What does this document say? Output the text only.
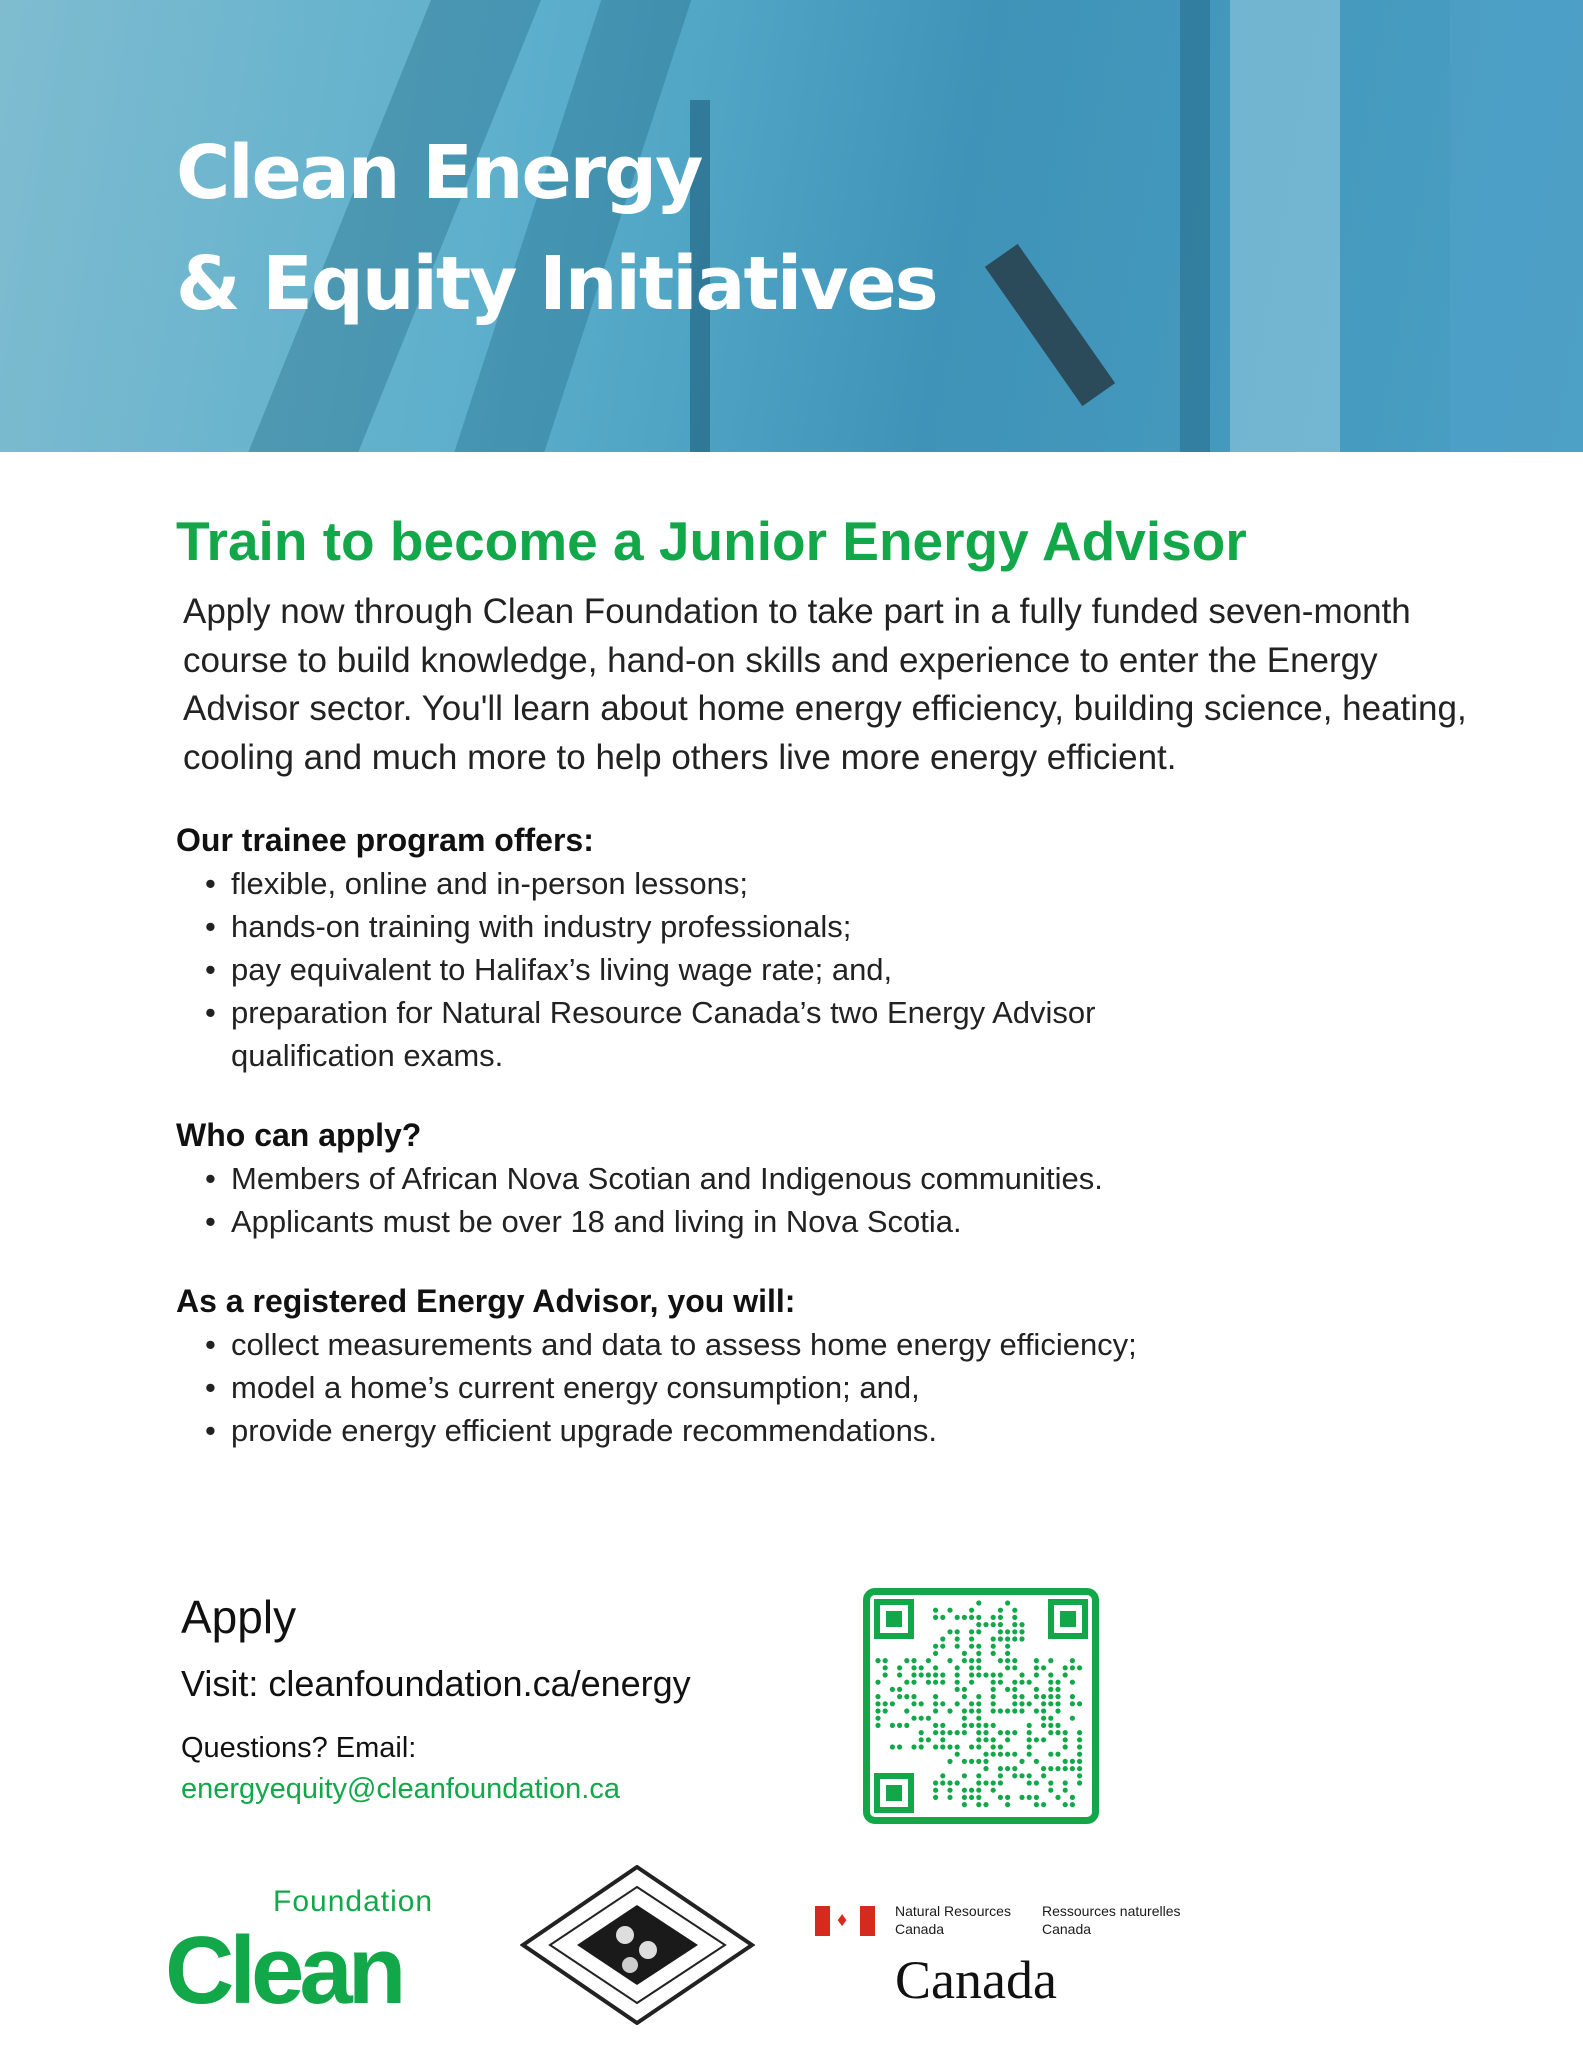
Clean Energy
& Equity Initiatives
Train to become a Junior Energy Advisor
Apply now through Clean Foundation to take part in a fully funded seven-month course to build knowledge, hand-on skills and experience to enter the Energy Advisor sector. You'll learn about home energy efficiency, building science, heating, cooling and much more to help others live more energy efficient.
Our trainee program offers:
• flexible, online and in-person lessons;
• hands-on training with industry professionals;
• pay equivalent to Halifax’s living wage rate; and,
• preparation for Natural Resource Canada’s two Energy Advisor qualification exams.
Who can apply?
• Members of African Nova Scotian and Indigenous communities.
• Applicants must be over 18 and living in Nova Scotia.
As a registered Energy Advisor, you will:
• collect measurements and data to assess home energy efficiency;
• model a home’s current energy consumption; and,
• provide energy efficient upgrade recommendations.
Apply
Visit: cleanfoundation.ca/energy
Questions? Email:
energyequity@cleanfoundation.ca
Foundation
Clean	♦	Natural Resources
Canada
Ressources naturelles
Canada
Canada
